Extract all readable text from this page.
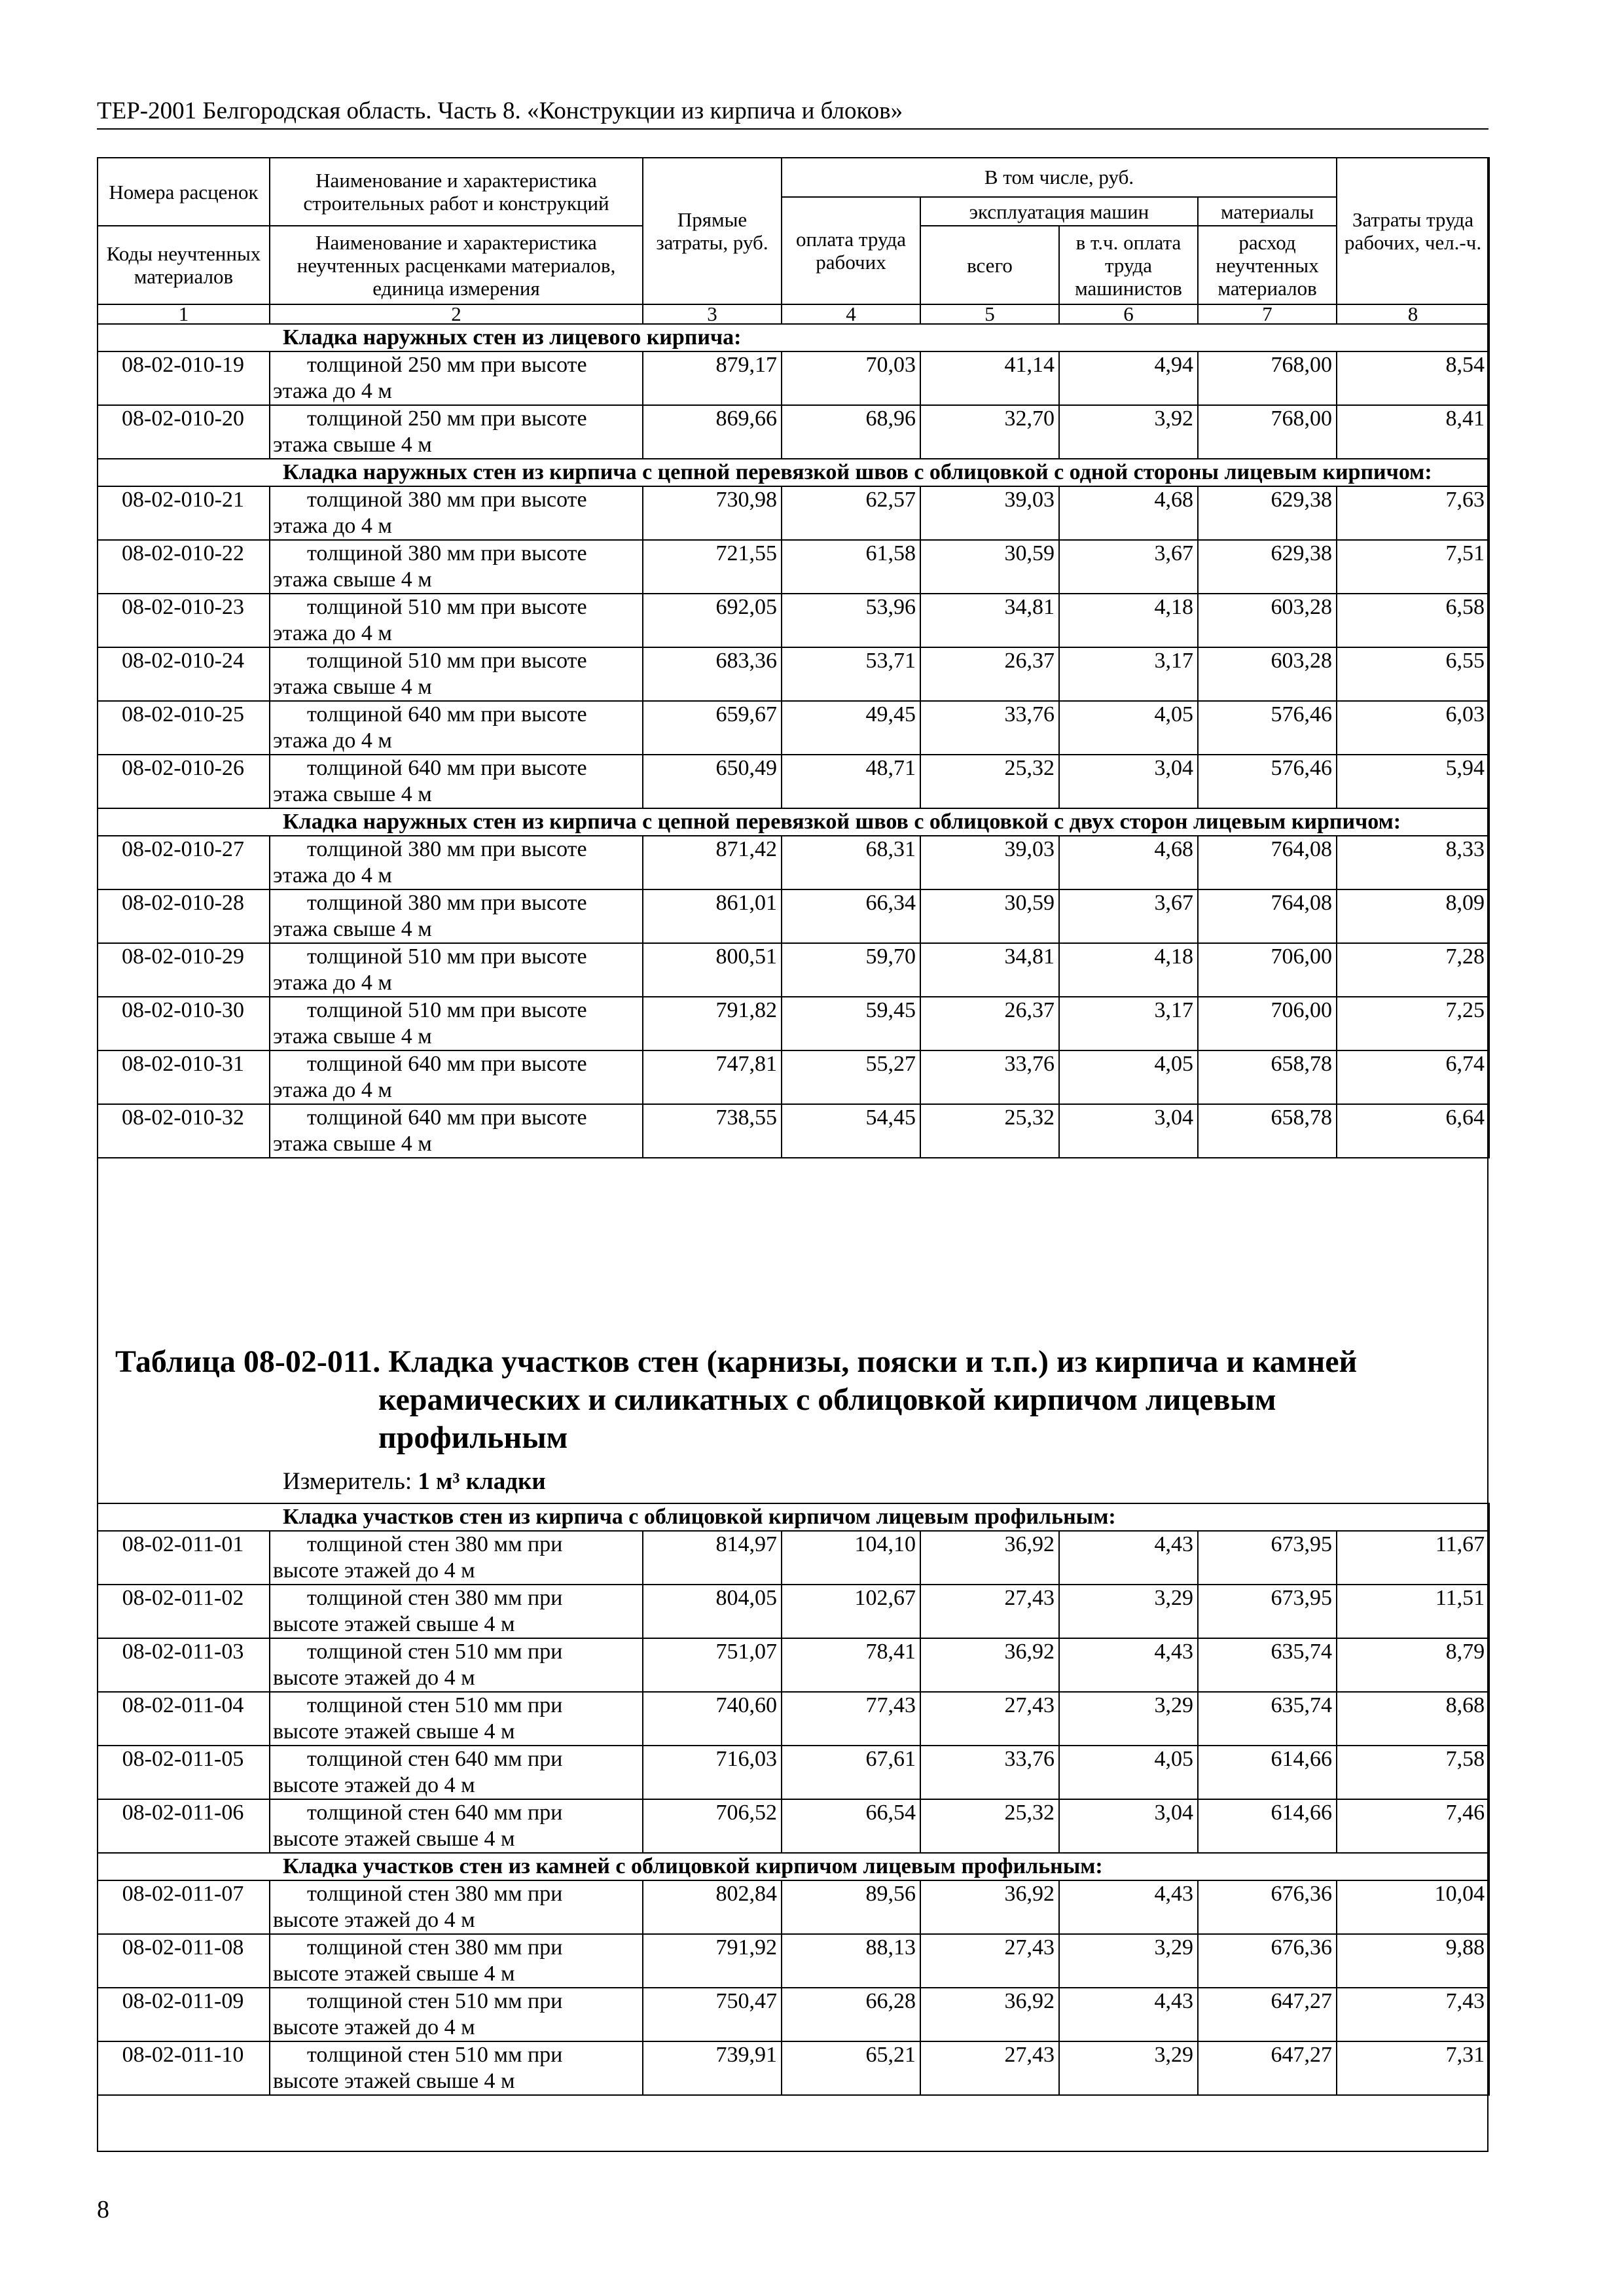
ТЕР-2001 Белгородская область. Часть 8. «Конструкции из кирпича и блоков»
Номера расценок	Наименование и характеристика строительных работ и конструкций	Прямые затраты, руб.	В том числе, руб.				Затраты труда рабочих, чел.-ч.
			оплата труда рабочих	эксплуатация машин		материалы	
Коды неучтенных материалов	Наименование и характеристика неучтенных расценками материалов, единица измерения			всего	в т.ч. оплата труда машинистов	расход неучтенных материалов	

1	2	3	4	5	6	7	8
Кладка наружных стен из лицевого кирпича:							
08-02-010-19	толщиной 250 мм при высоте
этажа до 4 м	879,17	70,03	41,14	4,94	768,00	8,54
08-02-010-20	толщиной 250 мм при высоте
этажа свыше 4 м	869,66	68,96	32,70	3,92	768,00	8,41
Кладка наружных стен из кирпича с цепной перевязкой швов с облицовкой с одной стороны лицевым кирпичом:							
08-02-010-21	толщиной 380 мм при высоте
этажа до 4 м	730,98	62,57	39,03	4,68	629,38	7,63
08-02-010-22	толщиной 380 мм при высоте
этажа свыше 4 м	721,55	61,58	30,59	3,67	629,38	7,51
08-02-010-23	толщиной 510 мм при высоте
этажа до 4 м	692,05	53,96	34,81	4,18	603,28	6,58
08-02-010-24	толщиной 510 мм при высоте
этажа свыше 4 м	683,36	53,71	26,37	3,17	603,28	6,55
08-02-010-25	толщиной 640 мм при высоте
этажа до 4 м	659,67	49,45	33,76	4,05	576,46	6,03
08-02-010-26	толщиной 640 мм при высоте
этажа свыше 4 м	650,49	48,71	25,32	3,04	576,46	5,94
Кладка наружных стен из кирпича с цепной перевязкой швов с облицовкой с двух сторон лицевым кирпичом:							
08-02-010-27	толщиной 380 мм при высоте
этажа до 4 м	871,42	68,31	39,03	4,68	764,08	8,33
08-02-010-28	толщиной 380 мм при высоте
этажа свыше 4 м	861,01	66,34	30,59	3,67	764,08	8,09
08-02-010-29	толщиной 510 мм при высоте
этажа до 4 м	800,51	59,70	34,81	4,18	706,00	7,28
08-02-010-30	толщиной 510 мм при высоте
этажа свыше 4 м	791,82	59,45	26,37	3,17	706,00	7,25
08-02-010-31	толщиной 640 мм при высоте
этажа до 4 м	747,81	55,27	33,76	4,05	658,78	6,74
08-02-010-32	толщиной 640 мм при высоте
этажа свыше 4 м	738,55	54,45	25,32	3,04	658,78	6,64
Таблица 08-02-011. Кладка участков стен (карнизы, пояски и т.п.) из кирпича и камней
керамических и силикатных с облицовкой кирпичом лицевым профильным
Измеритель: 1 м³ кладки
Кладка участков стен из кирпича с облицовкой кирпичом лицевым профильным:							
08-02-011-01	толщиной стен 380 мм при
высоте этажей до 4 м	814,97	104,10	36,92	4,43	673,95	11,67
08-02-011-02	толщиной стен 380 мм при
высоте этажей свыше 4 м	804,05	102,67	27,43	3,29	673,95	11,51
08-02-011-03	толщиной стен 510 мм при
высоте этажей до 4 м	751,07	78,41	36,92	4,43	635,74	8,79
08-02-011-04	толщиной стен 510 мм при
высоте этажей свыше 4 м	740,60	77,43	27,43	3,29	635,74	8,68
08-02-011-05	толщиной стен 640 мм при
высоте этажей до 4 м	716,03	67,61	33,76	4,05	614,66	7,58
08-02-011-06	толщиной стен 640 мм при
высоте этажей свыше 4 м	706,52	66,54	25,32	3,04	614,66	7,46
Кладка участков стен из камней с облицовкой кирпичом лицевым профильным:							
08-02-011-07	толщиной стен 380 мм при
высоте этажей до 4 м	802,84	89,56	36,92	4,43	676,36	10,04
08-02-011-08	толщиной стен 380 мм при
высоте этажей свыше 4 м	791,92	88,13	27,43	3,29	676,36	9,88
08-02-011-09	толщиной стен 510 мм при
высоте этажей до 4 м	750,47	66,28	36,92	4,43	647,27	7,43
08-02-011-10	толщиной стен 510 мм при
высоте этажей свыше 4 м	739,91	65,21	27,43	3,29	647,27	7,31
8
